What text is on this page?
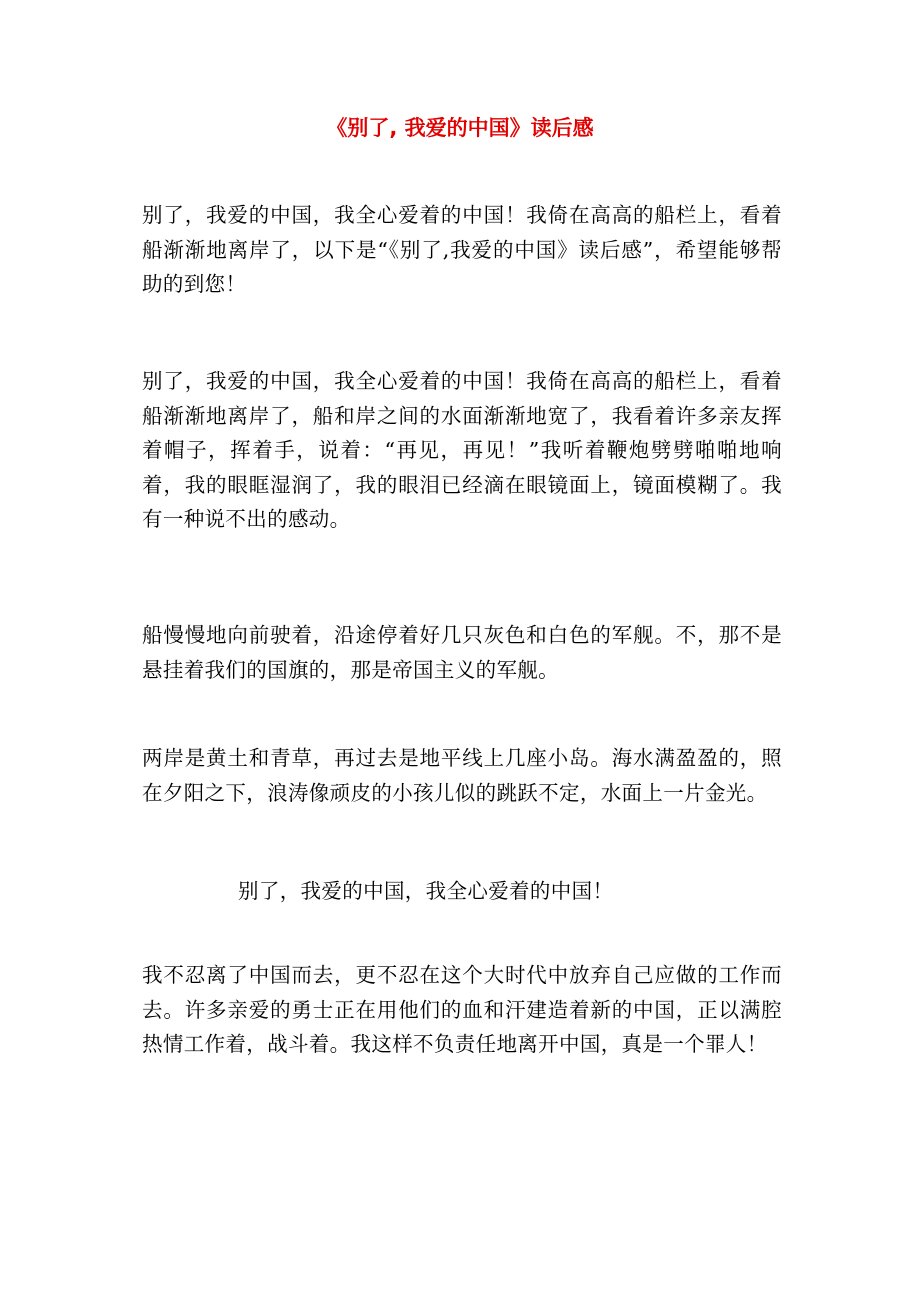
《别了, 我爱的中国》读后感

别了，我爱的中国，我全心爱着的中国！我倚在高高的船栏上，看着船渐渐地离岸了，以下是“《别了,我爱的中国》读后感”，希望能够帮助的到您！

别了，我爱的中国，我全心爱着的中国！我倚在高高的船栏上，看着船渐渐地离岸了，船和岸之间的水面渐渐地宽了，我看着许多亲友挥着帽子，挥着手，说着：“再见，再见！”我听着鞭炮劈劈啪啪地响着，我的眼眶湿润了，我的眼泪已经滴在眼镜面上，镜面模糊了。我有一种说不出的感动。

船慢慢地向前驶着，沿途停着好几只灰色和白色的军舰。不，那不是悬挂着我们的国旗的，那是帝国主义的军舰。

两岸是黄土和青草，再过去是地平线上几座小岛。海水满盈盈的，照在夕阳之下，浪涛像顽皮的小孩儿似的跳跃不定，水面上一片金光。

别了，我爱的中国，我全心爱着的中国！

我不忍离了中国而去，更不忍在这个大时代中放弃自己应做的工作而去。许多亲爱的勇士正在用他们的血和汗建造着新的中国，正以满腔热情工作着，战斗着。我这样不负责任地离开中国，真是一个罪人！
